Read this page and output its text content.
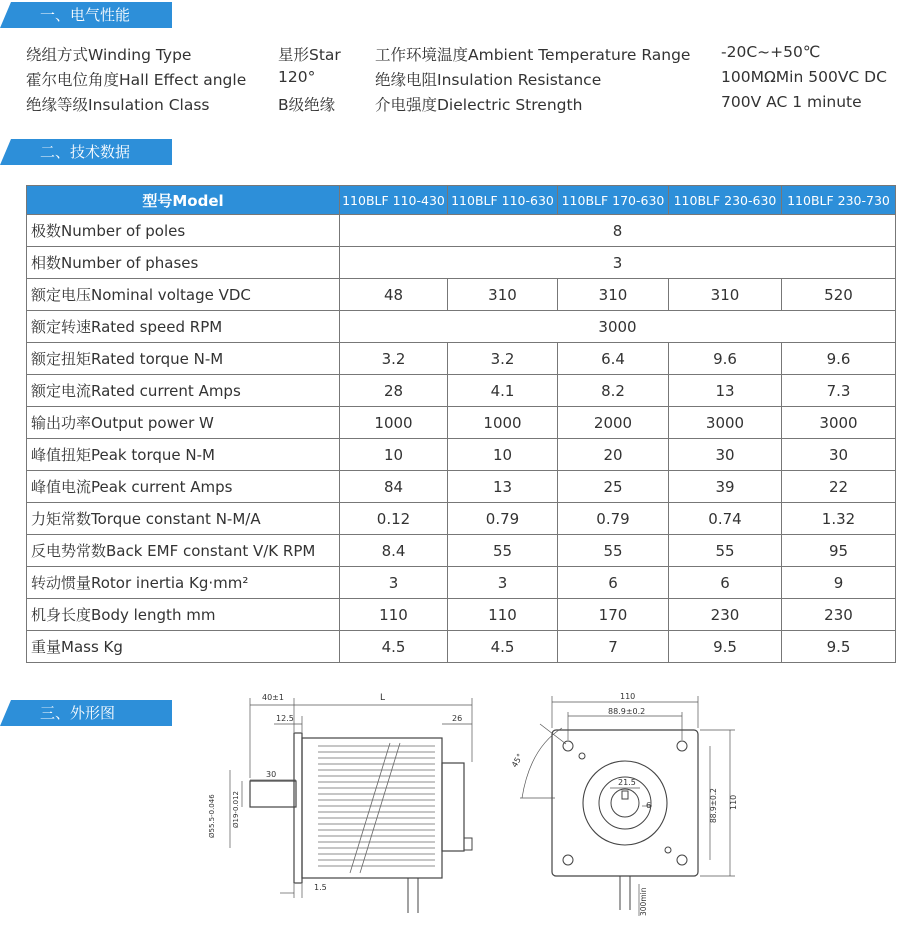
一、电气性能
绕组方式Winding Type	星形Star 工作环境温度Ambient Temperature Range -20C~+50℃
霍尔电位角度Hall Effect angle 120°	绝缘电阻Insulation Resistance	100MΩMin 500VC DC
绝缘等级Insulation Class	B级绝缘	介电强度Dielectric Strength	700V AC 1 minute
二、技术数据
型号Model	110BLF 110-430	110BLF 110-630	110BLF 170-630	110BLF 230-630	110BLF 230-730
极数Number of poles	8				
相数Number of phases	3				
额定电压Nominal voltage VDC	48	310	310	310	520
额定转速Rated speed RPM	3000				
额定扭矩Rated torque N-M	3.2	3.2	6.4	9.6	9.6
额定电流Rated current Amps	28	4.1	8.2	13	7.3
输出功率Output power W	1000	1000	2000	3000	3000
峰值扭矩Peak torque N-M	10	10	20	30	30
峰值电流Peak current Amps	84	13	25	39	22
力矩常数Torque constant N-M/A	0.12	0.79	0.79	0.74	1.32
反电势常数Back EMF constant V/K RPM	8.4	55	55	55	95
转动惯量Rotor inertia Kg·mm²	3	3	6	6	9
机身长度Body length mm	110	110	170	230	230
重量Mass Kg	4.5	4.5	7	9.5	9.5
三、外形图
40±1	L
12.5	26
30
Ø55.5-0.046 Ø19-0.012
1.5
110
88.9±0.2
45°
21.5
6	88.9±0.2 110
300min
